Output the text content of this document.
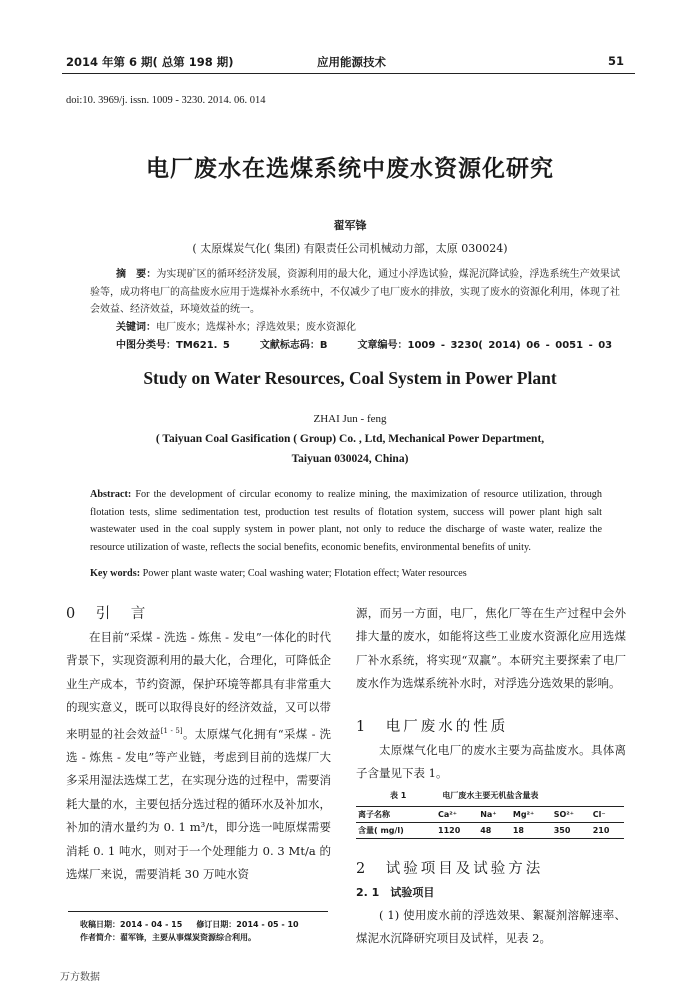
2014 年第 6 期( 总第 198 期)	应用能源技术	51
doi:10. 3969/j. issn. 1009 - 3230. 2014. 06. 014
电厂废水在选煤系统中废水资源化研究
翟军锋
( 太原煤炭气化( 集团) 有限责任公司机械动力部，太原 030024)
摘　要：为实现矿区的循环经济发展，资源利用的最大化，通过小浮选试验，煤泥沉降试验，浮选系统生产效果试验等，成功将电厂的高盐废水应用于选煤补水系统中，不仅减少了电厂废水的排放，实现了废水的资源化利用，体现了社会效益、经济效益，环境效益的统一。
关键词：电厂废水；选煤补水；浮选效果；废水资源化
中图分类号：TM621. 5	文献标志码：B	文章编号：1009 - 3230( 2014) 06 - 0051 - 03
Study on Water Resources, Coal System in Power Plant
ZHAI Jun - feng
( Taiyuan Coal Gasification ( Group) Co. , Ltd, Mechanical Power Department,
Taiyuan 030024, China)
Abstract: For the development of circular economy to realize mining, the maximization of resource utilization, through flotation tests, slime sedimentation test, production test results of flotation system, success will power plant high salt wastewater used in the coal supply system in power plant, not only to reduce the discharge of waste water, realize the resource utilization of waste, reflects the social benefits, economic benefits, environmental benefits of unity.
Key words: Power plant waste water; Coal washing water; Flotation effect; Water resources
0　引　言

在目前“采煤 - 洗选 - 炼焦 - 发电”一体化的时代背景下，实现资源利用的最大化，合理化，可降低企业生产成本，节约资源，保护环境等都具有非常重大的现实意义，既可以取得良好的经济效益，又可以带来明显的社会效益[1 - 5]。太原煤气化拥有“采煤 - 洗选 - 炼焦 - 发电”等产业链，考虑到目前的选煤厂大多采用湿法选煤工艺，在实现分选的过程中，需要消耗大量的水，主要包括分选过程的循环水及补加水，补加的清水量约为 0. 1 m³/t，即分选一吨原煤需要消耗 0. 1 吨水，则对于一个处理能力 0. 3 Mt/a 的选煤厂来说，需要消耗 30 万吨水资

收稿日期：2014 - 04 - 15 修订日期：2014 - 05 - 10
作者简介：翟军锋，主要从事煤炭资源综合利用。

源，而另一方面，电厂，焦化厂等在生产过程中会外排大量的废水，如能将这些工业废水资源化应用选煤厂补水系统，将实现“双赢”。本研究主要探索了电厂废水作为选煤系统补水时，对浮选分选效果的影响。

1　电厂废水的性质

太原煤气化电厂的废水主要为高盐废水。具体离子含量见下表 1。

表 1	电厂废水主要无机盐含量表
离子名称	Ca²⁺	Na⁺	Mg²⁺	SO²⁺	Cl⁻
含量( mg/l)	1120	48	18	350	210
2　试验项目及试验方法
2. 1　试验项目

( 1) 使用废水前的浮选效果、絮凝剂溶解速率、煤泥水沉降研究项目及试样，见表 2。

万方数据
